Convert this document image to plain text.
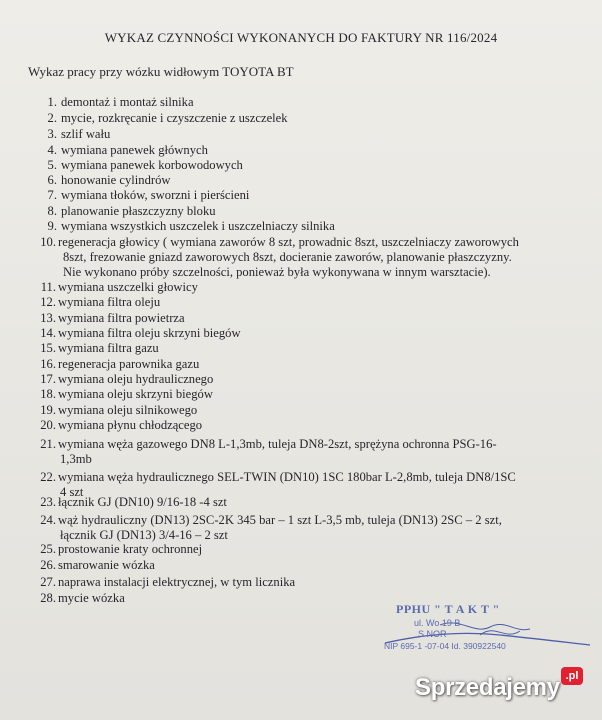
WYKAZ CZYNNOŚCI WYKONANYCH DO FAKTURY NR 116/2024
Wykaz pracy przy wózku widłowym TOYOTA BT
1. demontaż i montaż silnika
2. mycie, rozkręcanie i czyszczenie z uszczelek
3. szlif wału
4. wymiana panewek głównych
5. wymiana panewek korbowodowych
6. honowanie cylindrów
7. wymiana tłoków, sworzni i pierścieni
8. planowanie płaszczyzny bloku
9. wymiana wszystkich uszczelek i uszczelniaczy silnika
10. regeneracja głowicy ( wymiana zaworów 8 szt, prowadnic 8szt, uszczelniaczy zaworowych
8szt, frezowanie gniazd zaworowych 8szt, docieranie zaworów, planowanie płaszczyzny.
Nie wykonano próby szczelności, ponieważ była wykonywana w innym warsztacie).
11. wymiana uszczelki głowicy
12. wymiana filtra oleju
13. wymiana filtra powietrza
14. wymiana filtra oleju skrzyni biegów
15. wymiana filtra gazu
16. regeneracja parownika gazu
17. wymiana oleju hydraulicznego
18. wymiana oleju skrzyni biegów
19. wymiana oleju silnikowego
20. wymiana płynu chłodzącego
21. wymiana węża gazowego DN8 L-1,3mb, tuleja DN8-2szt, sprężyna ochronna PSG-16-
1,3mb
22. wymiana węża hydraulicznego SEL-TWIN (DN10) 1SC 180bar L-2,8mb, tuleja DN8/1SC
4 szt
23. łącznik GJ (DN10) 9/16-18 -4 szt
24. wąż hydrauliczny (DN13) 2SC-2K 345 bar – 1 szt L-3,5 mb, tuleja (DN13) 2SC – 2 szt,
łącznik GJ (DN13) 3/4-16 – 2 szt
25. prostowanie kraty ochronnej
26. smarowanie wózka
27. naprawa instalacji elektrycznej, w tym licznika
28. mycie wózka
PPHU " T A K T "
ul. Wo 19 B
S NOR
NIP 695-1 -07-04 Id. 390922540
Sprzedajemy .pl
